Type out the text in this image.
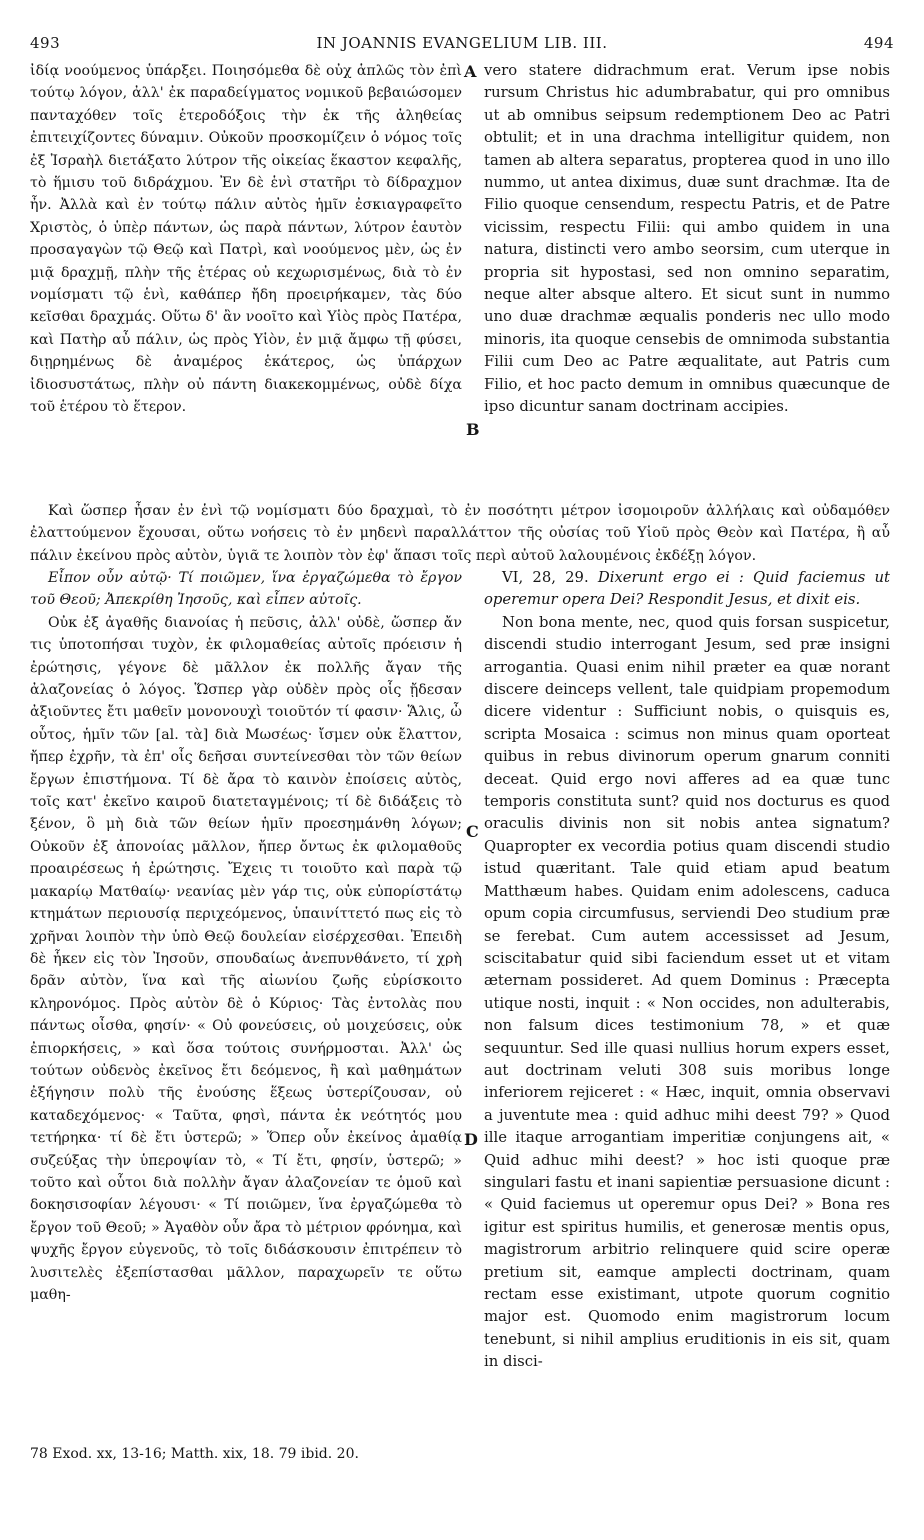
493	IN JOANNIS EVANGELIUM LIB. III.	494

ἰδίᾳ νοούμενος ὑπάρξει. Ποιησόμεθα δὲ οὐχ ἁπλῶς τὸν ἐπὶ τούτῳ λόγον, ἀλλ' ἐκ παραδείγματος νομικοῦ βεβαιώσομεν πανταχόθεν τοῖς ἑτεροδόξοις τὴν ἐκ τῆς ἀληθείας ἐπιτειχίζοντες δύναμιν. Οὐκοῦν προσκομίζειν ὁ νόμος τοῖς ἐξ Ἰσραὴλ διετάξατο λύτρον τῆς οἰκείας ἕκαστον κεφαλῆς, τὸ ἥμισυ τοῦ διδράχμου. Ἐν δὲ ἑνὶ στατῆρι τὸ δίδραχμον ἦν. Ἀλλὰ καὶ ἐν τούτῳ πάλιν αὐτὸς ἡμῖν ἐσκιαγραφεῖτο Χριστὸς, ὁ ὑπὲρ πάντων, ὡς παρὰ πάντων, λύτρον ἑαυτὸν προσαγαγὼν τῷ Θεῷ καὶ Πατρὶ, καὶ νοούμενος μὲν, ὡς ἐν μιᾷ δραχμῇ, πλὴν τῆς ἑτέρας οὐ κεχωρισμένως, διὰ τὸ ἐν νομίσματι τῷ ἑνὶ, καθάπερ ἤδη προειρήκαμεν, τὰς δύο κεῖσθαι δραχμάς. Οὕτω δ' ἂν νοοῖτο καὶ Υἱὸς πρὸς Πατέρα, καὶ Πατὴρ αὖ πάλιν, ὡς πρὸς Υἱὸν, ἐν μιᾷ ἄμφω τῇ φύσει, διῃρημένως δὲ ἀναμέρος ἑκάτερος, ὡς ὑπάρχων ἰδιοσυστάτως, πλὴν οὐ πάντη διακεκομμένως, οὐδὲ δίχα τοῦ ἑτέρου τὸ ἕτερον.

vero statere didrachmum erat. Verum ipse nobis rursum Christus hic adumbrabatur, qui pro omnibus ut ab omnibus seipsum redemptionem Deo ac Patri obtulit; et in una drachma intelligitur quidem, non tamen ab altera separatus, propterea quod in uno illo nummo, ut antea diximus, duæ sunt drachmæ. Ita de Filio quoque censendum, respectu Patris, et de Patre vicissim, respectu Filii: qui ambo quidem in una natura, distincti vero ambo seorsim, cum uterque in propria sit hypostasi, sed non omnino separatim, neque alter absque altero. Et sicut sunt in nummo uno duæ drachmæ æqualis ponderis nec ullo modo minoris, ita quoque censebis de omnimoda substantia Filii cum Deo ac Patre æqualitate, aut Patris cum Filio, et hoc pacto demum in omnibus quæcunque de ipso dicuntur sanam doctrinam accipies.

A
B
C
D

Καὶ ὥσπερ ἦσαν ἐν ἑνὶ τῷ νομίσματι δύο δραχμαὶ, τὸ ἐν ποσότητι μέτρον ἰσομοιροῦν ἀλλήλαις καὶ οὐδαμόθεν ἐλαττούμενον ἔχουσαι, οὕτω νοήσεις τὸ ἐν μηδενὶ παραλλάττον τῆς οὐσίας τοῦ Υἱοῦ πρὸς Θεὸν καὶ Πατέρα, ἢ αὖ πάλιν ἐκείνου πρὸς αὐτὸν, ὑγιᾶ τε λοιπὸν τὸν ἐφ' ἅπασι τοῖς περὶ αὐτοῦ λαλουμένοις ἐκδέξῃ λόγον.

Εἶπον οὖν αὐτῷ· Τί ποιῶμεν, ἵνα ἐργαζώμεθα τὸ ἔργον τοῦ Θεοῦ; Ἀπεκρίθη Ἰησοῦς, καὶ εἶπεν αὐτοῖς.

Οὐκ ἐξ ἀγαθῆς διανοίας ἡ πεῦσις, ἀλλ' οὐδὲ, ὥσπερ ἄν τις ὑποτοπήσαι τυχὸν, ἐκ φιλομαθείας αὐτοῖς πρόεισιν ἡ ἐρώτησις, γέγονε δὲ μᾶλλον ἐκ πολλῆς ἄγαν τῆς ἀλαζονείας ὁ λόγος. Ὥσπερ γὰρ οὐδὲν πρὸς οἷς ᾔδεσαν ἀξιοῦντες ἔτι μαθεῖν μονονουχὶ τοιοῦτόν τί φασιν· Ἅλις, ὦ οὗτος, ἡμῖν τῶν [al. τὰ] διὰ Μωσέως· ἴσμεν οὐκ ἔλαττον, ἤπερ ἐχρῆν, τὰ ἐπ' οἷς δεῆσαι συντείνεσθαι τὸν τῶν θείων ἔργων ἐπιστήμονα. Τί δὲ ἄρα τὸ καινὸν ἐποίσεις αὐτὸς, τοῖς κατ' ἐκεῖνο καιροῦ διατεταγμένοις; τί δὲ διδάξεις τὸ ξένον, ὃ μὴ διὰ τῶν θείων ἡμῖν προεσημάνθη λόγων; Οὐκοῦν ἐξ ἀπονοίας μᾶλλον, ἤπερ ὄντως ἐκ φιλομαθοῦς προαιρέσεως ἡ ἐρώτησις. Ἔχεις τι τοιοῦτο καὶ παρὰ τῷ μακαρίῳ Ματθαίῳ· νεανίας μὲν γάρ τις, οὐκ εὐπορίστάτῳ κτημάτων περιουσίᾳ περιχεόμενος, ὑπαινίττετό πως εἰς τὸ χρῆναι λοιπὸν τὴν ὑπὸ Θεῷ δουλείαν εἰσέρχεσθαι. Ἐπειδὴ δὲ ἧκεν εἰς τὸν Ἰησοῦν, σπουδαίως ἀνεπυνθάνετο, τί χρὴ δρᾶν αὐτὸν, ἵνα καὶ τῆς αἰωνίου ζωῆς εὑρίσκοιτο κληρονόμος. Πρὸς αὐτὸν δὲ ὁ Κύριος· Τὰς ἐντολὰς που πάντως οἶσθα, φησίν· « Οὐ φονεύσεις, οὐ μοιχεύσεις, οὐκ ἐπιορκήσεις, » καὶ ὅσα τούτοις συνήρμοσται. Ἀλλ' ὡς τούτων οὐδενὸς ἐκεῖνος ἔτι δεόμενος, ἢ καὶ μαθημάτων ἐξήγησιν πολὺ τῆς ἐνούσης ἕξεως ὑστερίζουσαν, οὐ καταδεχόμενος· « Ταῦτα, φησὶ, πάντα ἐκ νεότητός μου τετήρηκα· τί δὲ ἔτι ὑστερῶ; » Ὅπερ οὖν ἐκείνος ἀμαθίᾳ συζεύξας τὴν ὑπεροψίαν τὸ, « Τί ἔτι, φησίν, ὑστερῶ; » τοῦτο καὶ οὗτοι διὰ πολλὴν ἄγαν ἀλαζονείαν τε ὁμοῦ καὶ δοκησισοφίαν λέγουσι· « Τί ποιῶμεν, ἵνα ἐργαζώμεθα τὸ ἔργον τοῦ Θεοῦ; » Ἀγαθὸν οὖν ἄρα τὸ μέτριον φρόνημα, καὶ ψυχῆς ἔργον εὐγενοῦς, τὸ τοῖς διδάσκουσιν ἐπιτρέπειν τὸ λυσιτελὲς ἐξεπίστασθαι μᾶλλον, παραχωρεῖν τε οὕτω μαθη-

VI, 28, 29. Dixerunt ergo ei : Quid faciemus ut operemur opera Dei? Respondit Jesus, et dixit eis.

Non bona mente, nec, quod quis forsan suspicetur, discendi studio interrogant Jesum, sed præ insigni arrogantia. Quasi enim nihil præter ea quæ norant discere deinceps vellent, tale quidpiam propemodum dicere videntur : Sufficiunt nobis, o quisquis es, scripta Mosaica : scimus non minus quam oporteat quibus in rebus divinorum operum gnarum conniti deceat. Quid ergo novi afferes ad ea quæ tunc temporis constituta sunt? quid nos docturus es quod oraculis divinis non sit nobis antea signatum? Quapropter ex vecordia potius quam discendi studio istud quæritant. Tale quid etiam apud beatum Matthæum habes. Quidam enim adolescens, caduca opum copia circumfusus, serviendi Deo studium præ se ferebat. Cum autem accessisset ad Jesum, sciscitabatur quid sibi faciendum esset ut et vitam æternam possideret. Ad quem Dominus : Præcepta utique nosti, inquit : « Non occides, non adulterabis, non falsum dices testimonium 78, » et quæ sequuntur. Sed ille quasi nullius horum expers esset, aut doctrinam veluti 308 suis moribus longe inferiorem rejiceret : « Hæc, inquit, omnia observavi a juventute mea : quid adhuc mihi deest 79? » Quod ille itaque arrogantiam imperitiæ conjungens ait, « Quid adhuc mihi deest? » hoc isti quoque præ singulari fastu et inani sapientiæ persuasione dicunt : « Quid faciemus ut operemur opus Dei? » Bona res igitur est spiritus humilis, et generosæ mentis opus, magistrorum arbitrio relinquere quid scire operæ pretium sit, eamque amplecti doctrinam, quam rectam esse existimant, utpote quorum cognitio major est. Quomodo enim magistrorum locum tenebunt, si nihil amplius eruditionis in eis sit, quam in disci-

78 Exod. xx, 13-16; Matth. xix, 18. 79 ibid. 20.
